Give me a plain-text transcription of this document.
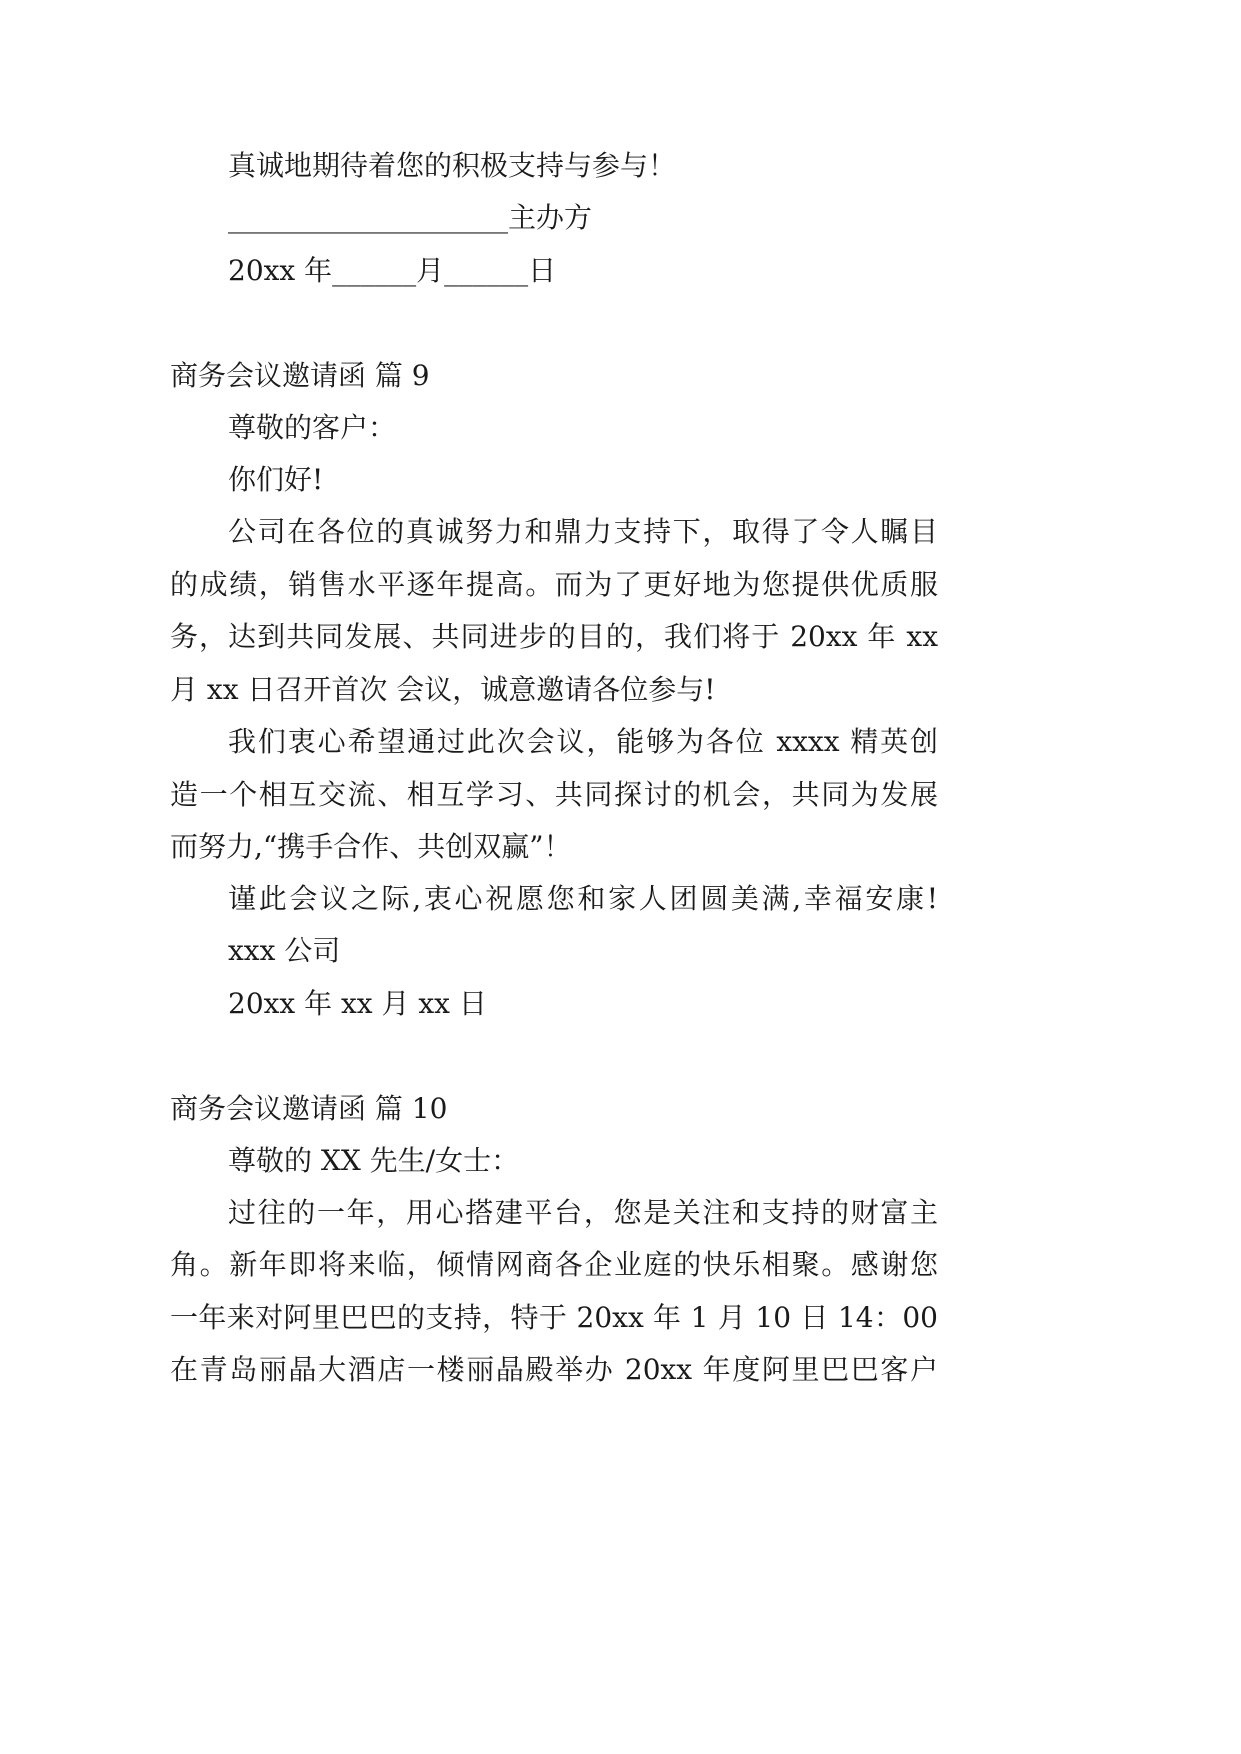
真诚地期待着您的积极支持与参与！
____________________主办方
20xx 年______月______日
商务会议邀请函 篇 9
尊敬的客户：
你们好!
公司在各位的真诚努力和鼎力支持下，取得了令人瞩目
的成绩，销售水平逐年提高。而为了更好地为您提供优质服
务，达到共同发展、共同进步的目的，我们将于 20xx 年 xx
月 xx 日召开首次 会议，诚意邀请各位参与!
我们衷心希望通过此次会议，能够为各位 xxxx 精英创
造一个相互交流、相互学习、共同探讨的机会，共同为发展
而努力,“携手合作、共创双赢”！
谨此会议之际,衷心祝愿您和家人团圆美满,幸福安康!
xxx 公司
20xx 年 xx 月 xx 日
商务会议邀请函 篇 10
尊敬的 XX 先生/女士：
过往的一年，用心搭建平台，您是关注和支持的财富主
角。新年即将来临，倾情网商各企业庭的快乐相聚。感谢您
一年来对阿里巴巴的支持，特于 20xx 年 1 月 10 日 14：00
在青岛丽晶大酒店一楼丽晶殿举办 20xx 年度阿里巴巴客户
